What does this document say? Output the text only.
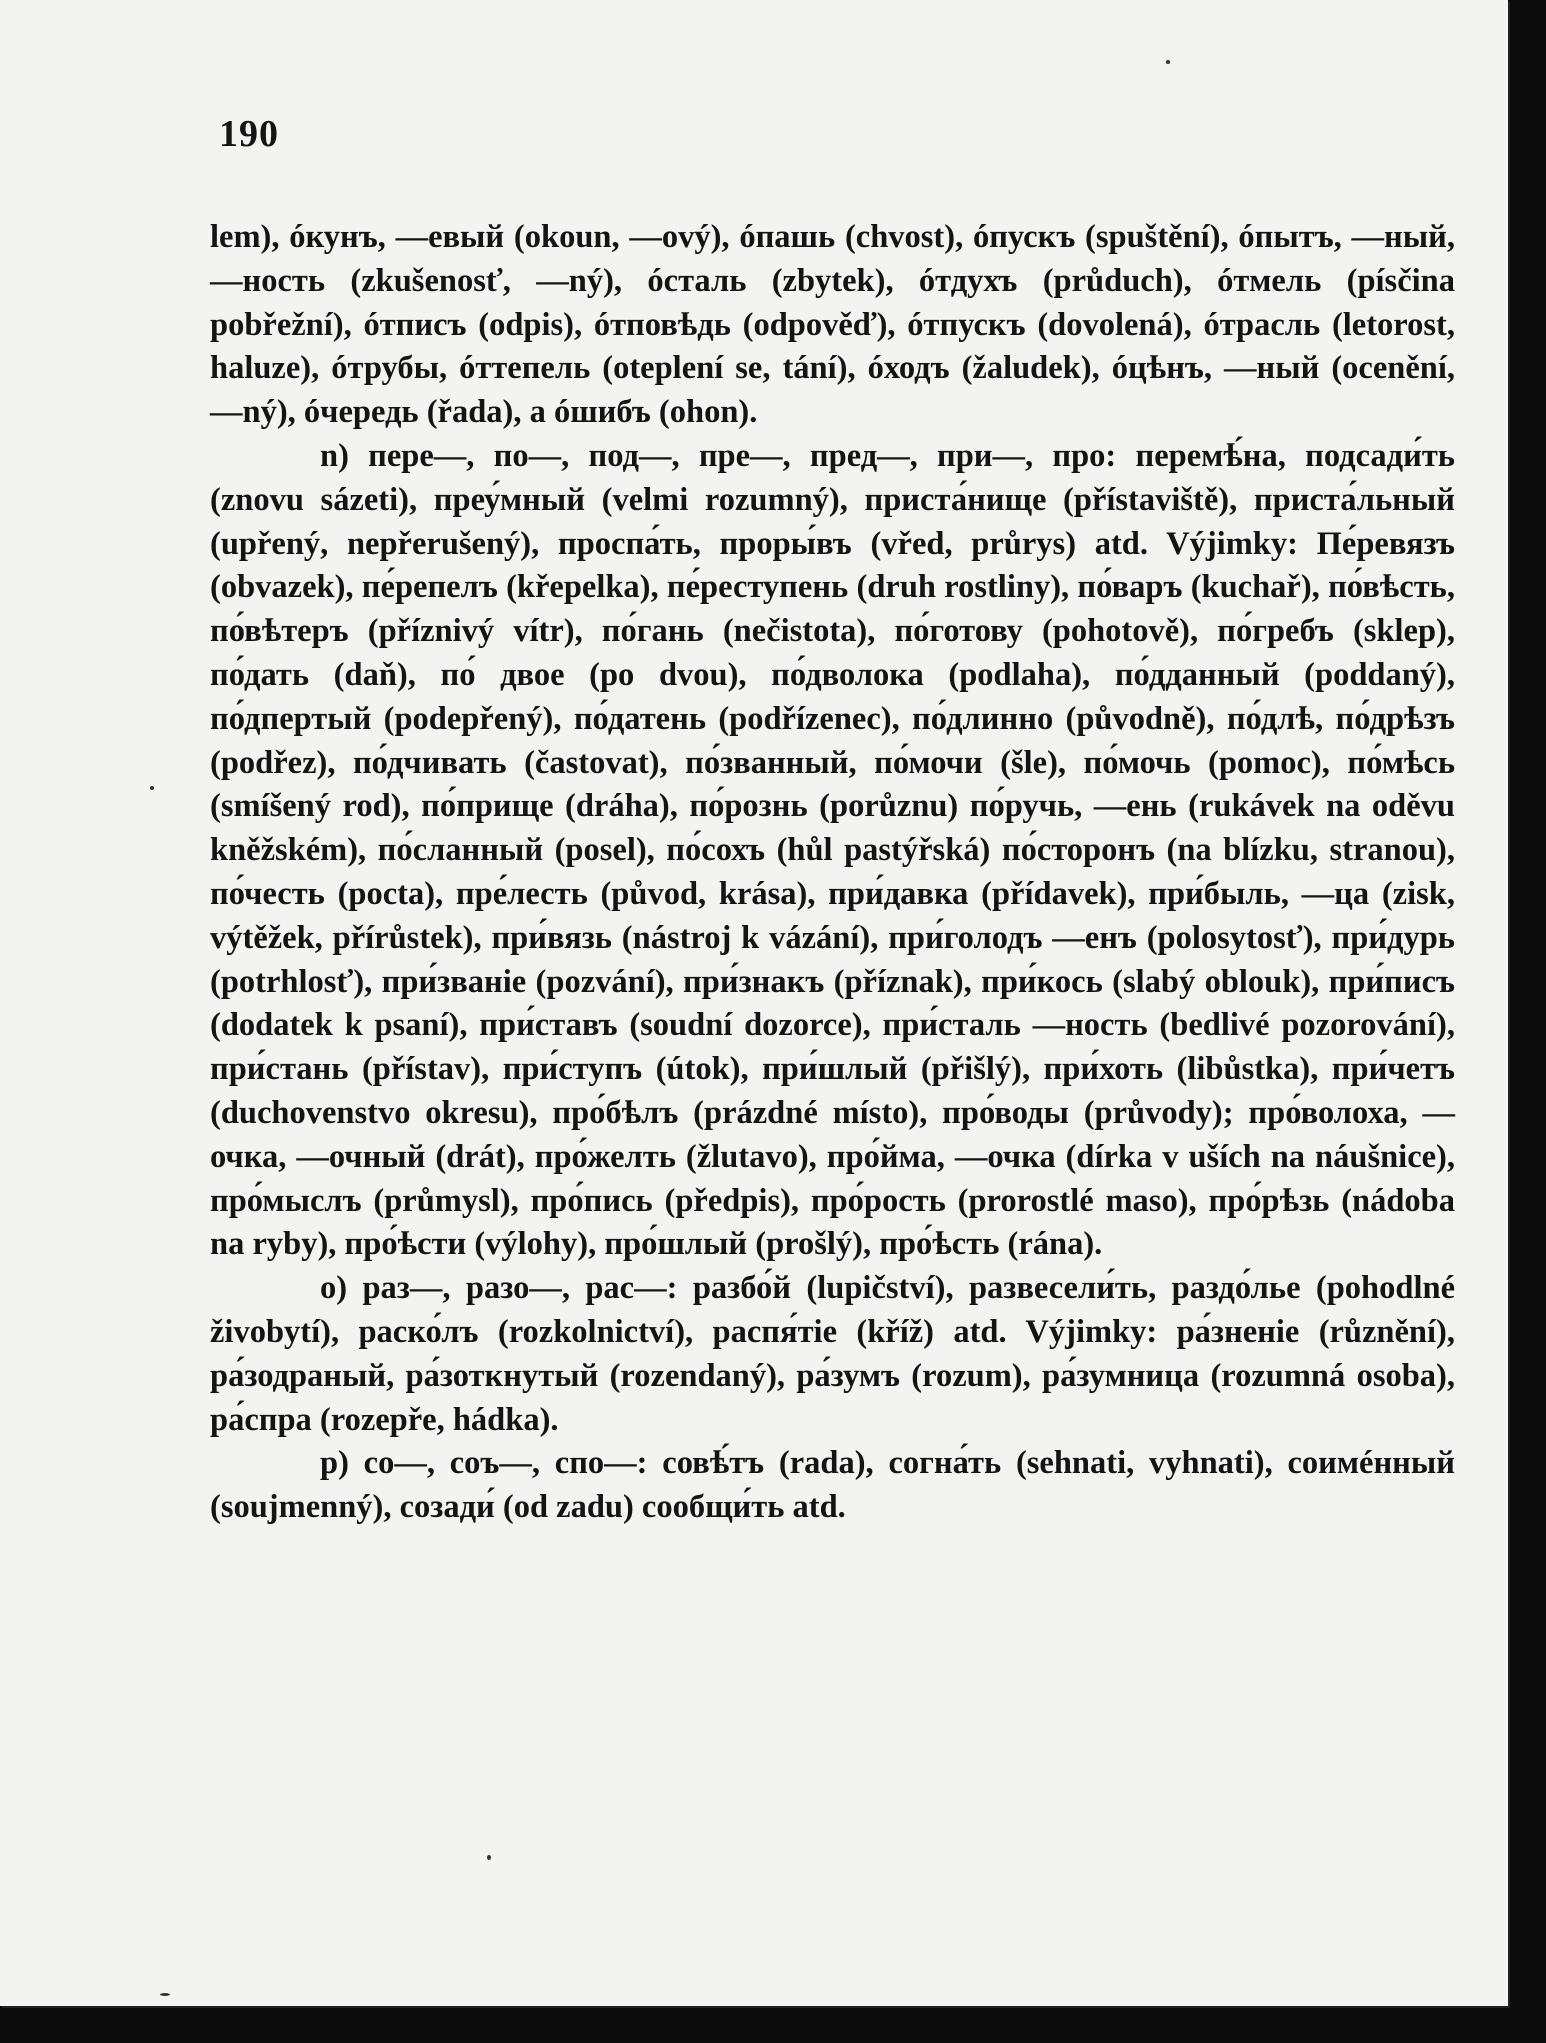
190

lem), óкунъ, —евый (okoun, —ový), óпашь (chvost), óпускъ (spuštění), óпытъ, —ный, —ность (zkušenosť, —ný), óсталь (zbytek), óтдухъ (průduch), óтмель (písčina pobřežní), óтписъ (odpis), óтповѣдь (odpověď), óтпускъ (dovolená), óтрасль (letorost, haluze), óтрубы, óттепель (oteplení se, tání), óходъ (žaludek), óцѣнъ, —ный (ocenění, —ný), óчередь (řada), a óшибъ (ohon).

n) пере—, по—, под—, пре—, пред—, при—, про: перемѣ́на, подсади́ть (znovu sázeti), преу́мный (velmi rozumný), приста́нище (přístaviště), приста́льный (upřený, nepřerušený), проспа́ть, проры́въ (vřed, průrys) atd. Výjimky: Пе́ревязъ (obvazek), пе́репелъ (křepelka), пе́реступень (druh rostliny), по́варъ (kuchař), по́вѣсть, по́вѣтеръ (příznivý vítr), по́гань (nečistota), по́готову (pohotově), по́гребъ (sklep), по́дать (daň), по́ двое (po dvou), по́дволока (podlaha), по́дданный (poddaný), по́дпертый (podepřený), по́датень (podřízenec), по́длинно (původně), по́длѣ, по́дрѣзъ (podřez), по́дчивать (častovat), по́званный, по́мочи (šle), по́мочь (pomoc), по́мѣсь (smíšený rod), по́прище (dráha), по́рознь (porůznu) по́ручь, —ень (rukávek na oděvu kněžském), по́сланный (posel), по́сохъ (hůl pastýřská) по́сторонъ (na blízku, stranou), по́честь (pocta), пре́лесть (původ, krása), при́давка (přídavek), при́быль, —ца (zisk, výtěžek, přírůstek), при́вязь (nástroj k vázání), при́голодъ —енъ (polosytosť), при́дурь (potrhlosť), при́званіе (pozvání), при́знакъ (příznak), при́кось (slabý oblouk), при́писъ (dodatek k psaní), при́ставъ (soudní dozorce), при́сталь —ность (bedlivé pozorování), при́стань (přístav), при́ступъ (útok), при́шлый (přišlý), при́хоть (libůstka), при́четъ (duchovenstvo okresu), про́бѣлъ (prázdné místo), про́воды (průvody); про́волоха, —очка, —очный (drát), про́желть (žlutavo), про́йма, —очка (dírka v uších na náušnice), про́мыслъ (průmysl), про́пись (předpis), про́рость (prorostlé maso), про́рѣзь (nádoba na ryby), про́ѣсти (výlohy), про́шлый (prošlý), про́ѣсть (rána).

o) раз—, разо—, рас—: разбо́й (lupičství), развесели́ть, раздо́лье (pohodlné živobytí), раско́лъ (rozkolnictví), распя́тіе (kříž) atd. Výjimky: ра́зненіе (různění), ра́зодраный, ра́зоткнутый (rozendaný), ра́зумъ (rozum), ра́зумница (rozumná osoba), ра́спра (rozepře, hádka).

p) со—, сoъ—, спо—: совѣ́тъ (rada), согна́ть (sehnati, vyhnati), соимéнный (soujmenný), созади́ (od zadu) сообщи́ть atd.
